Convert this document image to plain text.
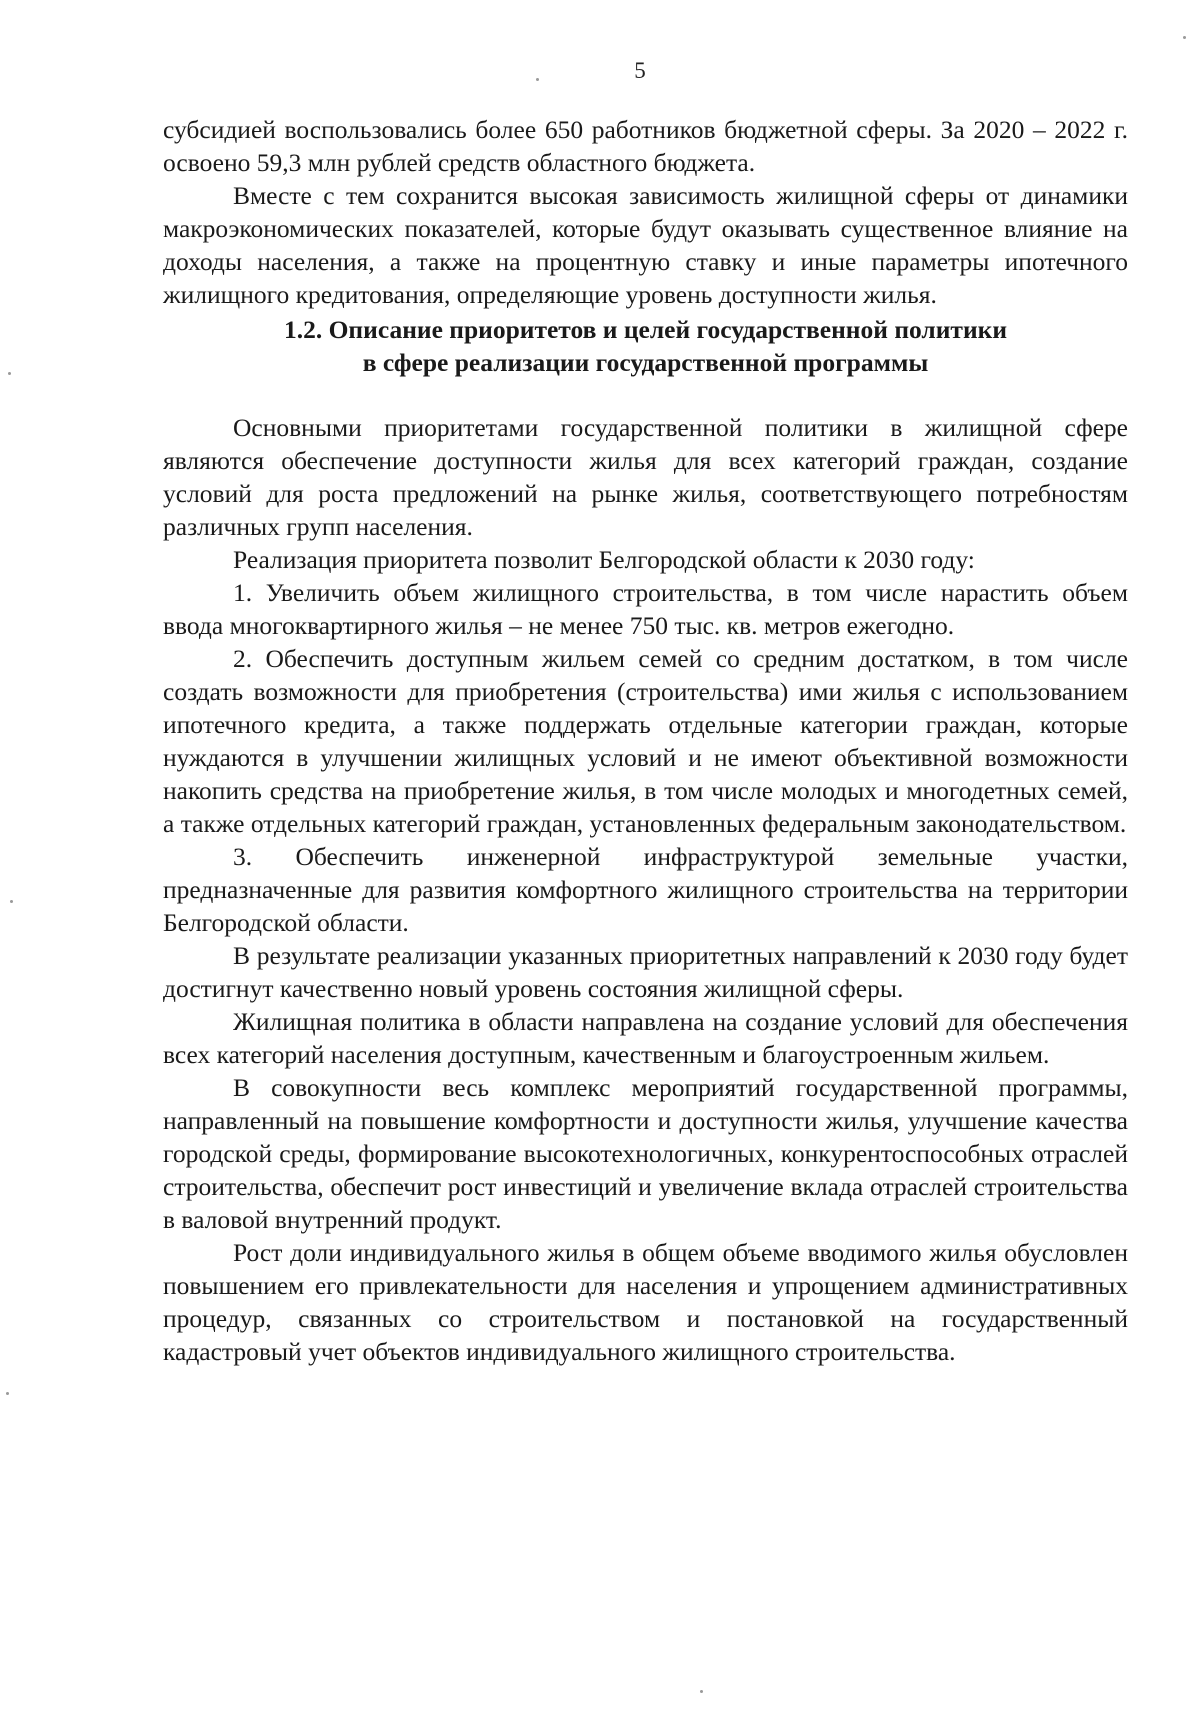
5

субсидией воспользовались более 650 работников бюджетной сферы. За 2020 – 2022 г. освоено 59,3 млн рублей средств областного бюджета.

Вместе с тем сохранится высокая зависимость жилищной сферы от динамики макроэкономических показателей, которые будут оказывать существенное влияние на доходы населения, а также на процентную ставку и иные параметры ипотечного жилищного кредитования, определяющие уровень доступности жилья.

1.2. Описание приоритетов и целей государственной политики
в сфере реализации государственной программы

Основными приоритетами государственной политики в жилищной сфере являются обеспечение доступности жилья для всех категорий граждан, создание условий для роста предложений на рынке жилья, соответствующего потребностям различных групп населения.

Реализация приоритета позволит Белгородской области к 2030 году:

1. Увеличить объем жилищного строительства, в том числе нарастить объем ввода многоквартирного жилья – не менее 750 тыс. кв. метров ежегодно.

2. Обеспечить доступным жильем семей со средним достатком, в том числе создать возможности для приобретения (строительства) ими жилья с использованием ипотечного кредита, а также поддержать отдельные категории граждан, которые нуждаются в улучшении жилищных условий и не имеют объективной возможности накопить средства на приобретение жилья, в том числе молодых и многодетных семей, а также отдельных категорий граждан, установленных федеральным законодательством.

3. Обеспечить инженерной инфраструктурой земельные участки, предназначенные для развития комфортного жилищного строительства на территории Белгородской области.

В результате реализации указанных приоритетных направлений к 2030 году будет достигнут качественно новый уровень состояния жилищной сферы.

Жилищная политика в области направлена на создание условий для обеспечения всех категорий населения доступным, качественным и благоустроенным жильем.

В совокупности весь комплекс мероприятий государственной программы, направленный на повышение комфортности и доступности жилья, улучшение качества городской среды, формирование высокотехнологичных, конкурентоспособных отраслей строительства, обеспечит рост инвестиций и увеличение вклада отраслей строительства в валовой внутренний продукт.

Рост доли индивидуального жилья в общем объеме вводимого жилья обусловлен повышением его привлекательности для населения и упрощением административных процедур, связанных со строительством и постановкой на государственный кадастровый учет объектов индивидуального жилищного строительства.
